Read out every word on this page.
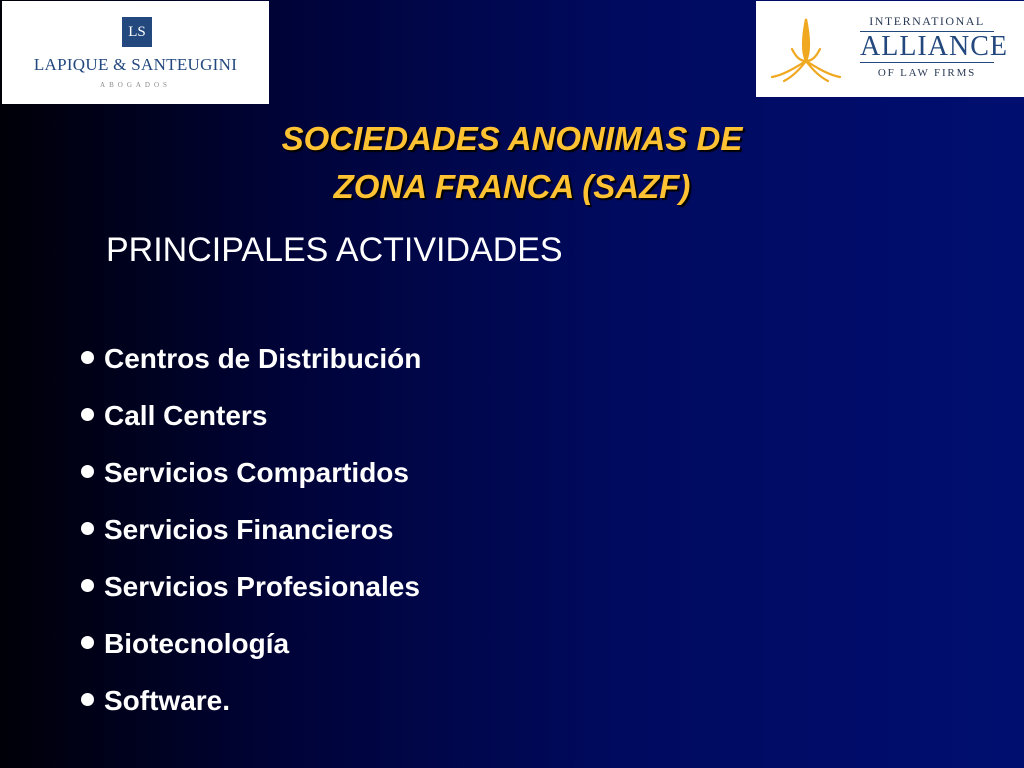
LS
LAPIQUE & SANTEUGINI
ABOGADOS
INTERNATIONAL
ALLIANCE
OF LAW FIRMS
SOCIEDADES ANONIMAS DE
ZONA FRANCA (SAZF)
PRINCIPALES ACTIVIDADES
Centros de Distribución
Call Centers
Servicios Compartidos
Servicios Financieros
Servicios Profesionales
Biotecnología
Software.
